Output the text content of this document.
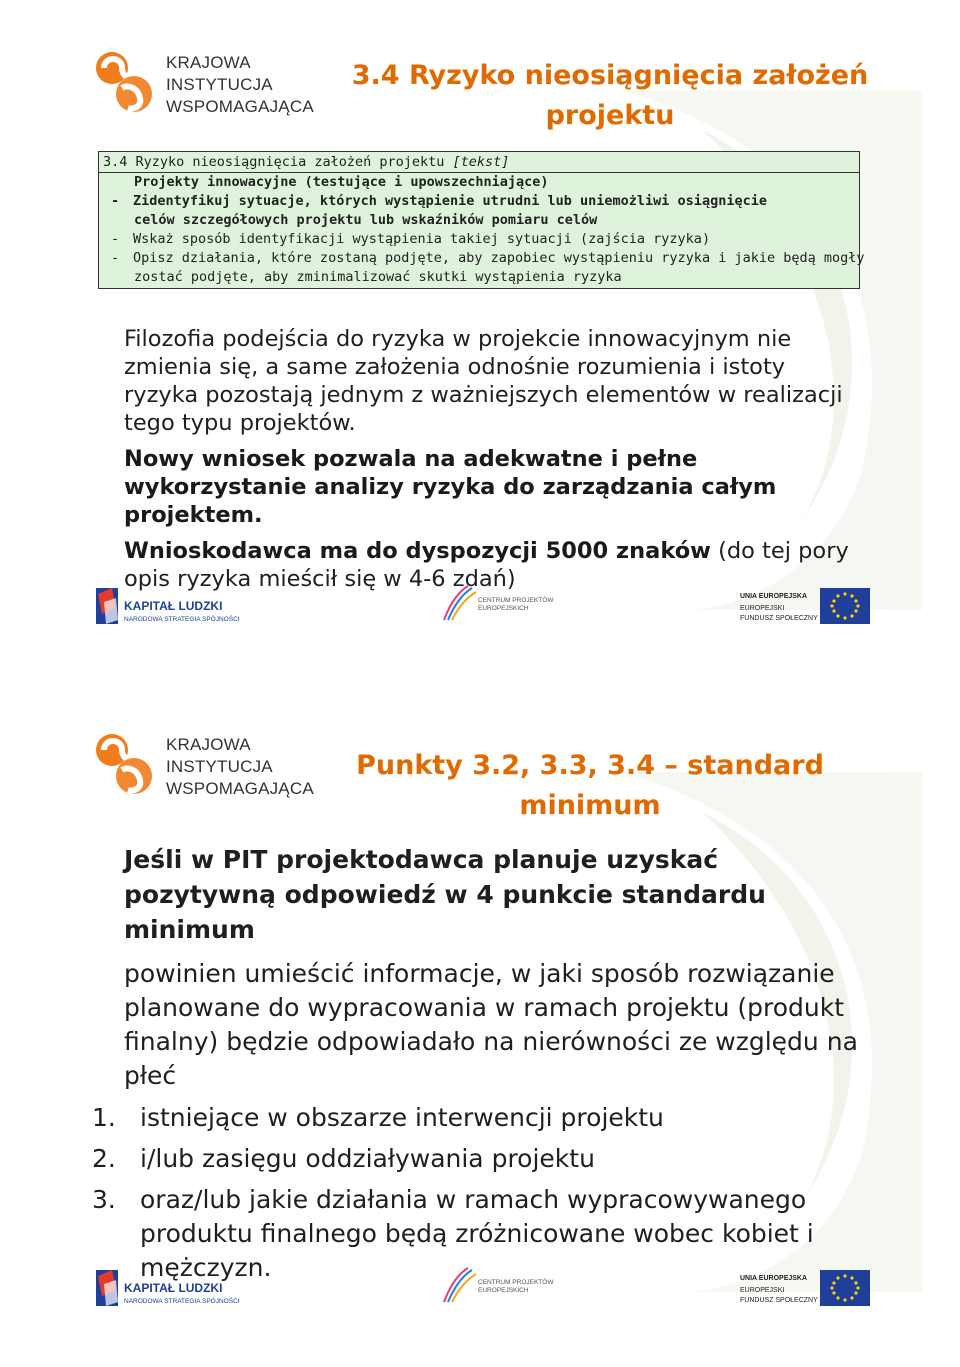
KRAJOWA
INSTYTUCJA
WSPOMAGAJĄCA
3.4 Ryzyko nieosiągnięcia założeń
projektu
3.4 Ryzyko nieosiągnięcia założeń projektu [tekst]
Projekty innowacyjne (testujące i upowszechniające)
- Zidentyfikuj sytuacje, których wystąpienie utrudni lub uniemożliwi osiągnięcie
celów szczegółowych projektu lub wskaźników pomiaru celów
- Wskaż sposób identyfikacji wystąpienia takiej sytuacji (zajścia ryzyka)
- Opisz działania, które zostaną podjęte, aby zapobiec wystąpieniu ryzyka i jakie będą mogły
zostać podjęte, aby zminimalizować skutki wystąpienia ryzyka

Filozofia podejścia do ryzyka w projekcie innowacyjnym nie zmienia się, a same założenia odnośnie rozumienia i istoty ryzyka pozostają jednym z ważniejszych elementów w realizacji tego typu projektów.

Nowy wniosek pozwala na adekwatne i pełne wykorzystanie analizy ryzyka do zarządzania całym projektem.

Wnioskodawca ma do dyspozycji 5000 znaków (do tej pory opis ryzyka mieścił się w 4-6 zdań)

KAPITAŁ LUDZKI
NARODOWA STRATEGIA SPÓJNOŚCI
CENTRUM PROJEKTÓW
EUROPEJSKICH
UNIA EUROPEJSKA
EUROPEJSKI
FUNDUSZ SPOŁECZNY
KRAJOWA
INSTYTUCJA
WSPOMAGAJĄCA
Punkty 3.2, 3.3, 3.4 – standard
minimum

Jeśli w PIT projektodawca planuje uzyskać pozytywną odpowiedź w 4 punkcie standardu minimum

powinien umieścić informacje, w jaki sposób rozwiązanie planowane do wypracowania w ramach projektu (produkt finalny) będzie odpowiadało na nierówności ze względu na płeć

1. istniejące w obszarze interwencji projektu
2. i/lub zasięgu oddziaływania projektu
3. oraz/lub jakie działania w ramach wypracowywanego produktu finalnego będą zróżnicowane wobec kobiet i mężczyzn.
KAPITAŁ LUDZKI
NARODOWA STRATEGIA SPÓJNOŚCI
CENTRUM PROJEKTÓW
EUROPEJSKICH
UNIA EUROPEJSKA
EUROPEJSKI
FUNDUSZ SPOŁECZNY
